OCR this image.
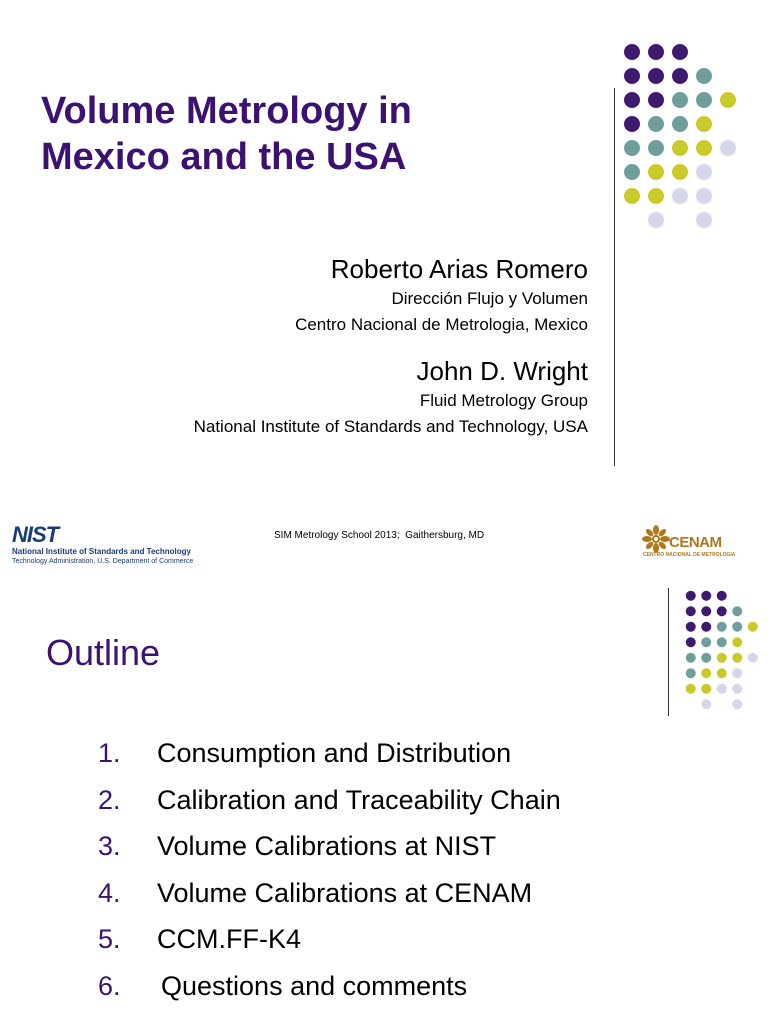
Volume Metrology in
Mexico and the USA
Roberto Arias Romero
Dirección Flujo y Volumen
Centro Nacional de Metrologia, Mexico
John D. Wright
Fluid Metrology Group
National Institute of Standards and Technology, USA
NIST
National Institute of Standards and Technology
Technology Administration, U.S. Department of Commerce
SIM Metrology School 2013;  Gaithersburg, MD	CENAM
CENTRO NACIONAL DE METROLOGIA
Outline
1. Consumption and Distribution
2. Calibration and Traceability Chain
3. Volume Calibrations at NIST
4. Volume Calibrations at CENAM
5. CCM.FF-K4
6. Questions and comments
